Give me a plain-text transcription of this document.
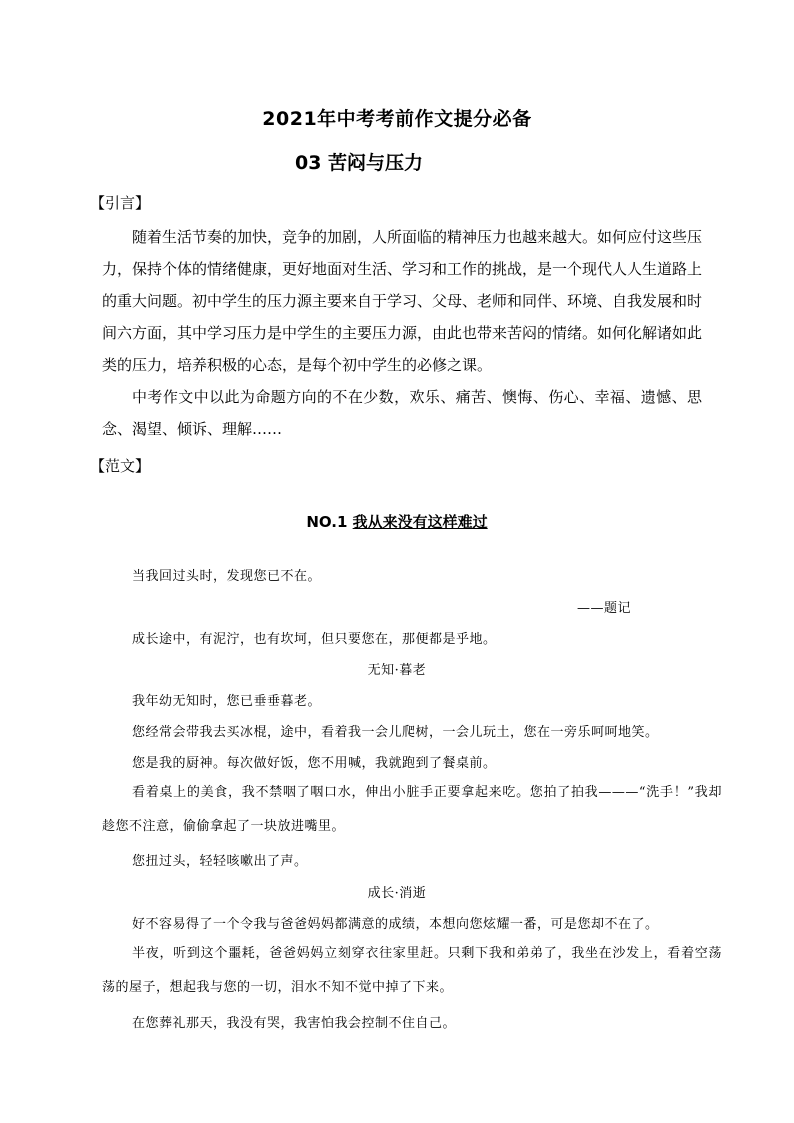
2021年中考考前作文提分必备
03 苦闷与压力
【引言】
随着生活节奏的加快，竞争的加剧，人所面临的精神压力也越来越大。如何应付这些压力，保持个体的情绪健康，更好地面对生活、学习和工作的挑战，是一个现代人人生道路上的重大问题。初中学生的压力源主要来自于学习、父母、老师和同伴、环境、自我发展和时间六方面，其中学习压力是中学生的主要压力源，由此也带来苦闷的情绪。如何化解诸如此类的压力，培养积极的心态，是每个初中学生的必修之课。
中考作文中以此为命题方向的不在少数，欢乐、痛苦、懊悔、伤心、幸福、遗憾、思念、渴望、倾诉、理解……
【范文】
NO.1 我从来没有这样难过
当我回过头时，发现您已不在。
——题记
成长途中，有泥泞，也有坎坷，但只要您在，那便都是乎地。
无知·暮老
我年幼无知时，您已垂垂暮老。
您经常会带我去买冰棍，途中，看着我一会儿爬树，一会儿玩土，您在一旁乐呵呵地笑。
您是我的厨神。每次做好饭，您不用喊，我就跑到了餐桌前。
看着桌上的美食，我不禁咽了咽口水，伸出小脏手正要拿起来吃。您拍了拍我———“洗手！”我却趁您不注意，偷偷拿起了一块放进嘴里。
您扭过头，轻轻咳嗽出了声。
成长·消逝
好不容易得了一个令我与爸爸妈妈都满意的成绩，本想向您炫耀一番，可是您却不在了。
半夜，听到这个噩耗，爸爸妈妈立刻穿衣往家里赶。只剩下我和弟弟了，我坐在沙发上，看着空荡荡的屋子，想起我与您的一切，泪水不知不觉中掉了下来。
在您葬礼那天，我没有哭，我害怕我会控制不住自己。
